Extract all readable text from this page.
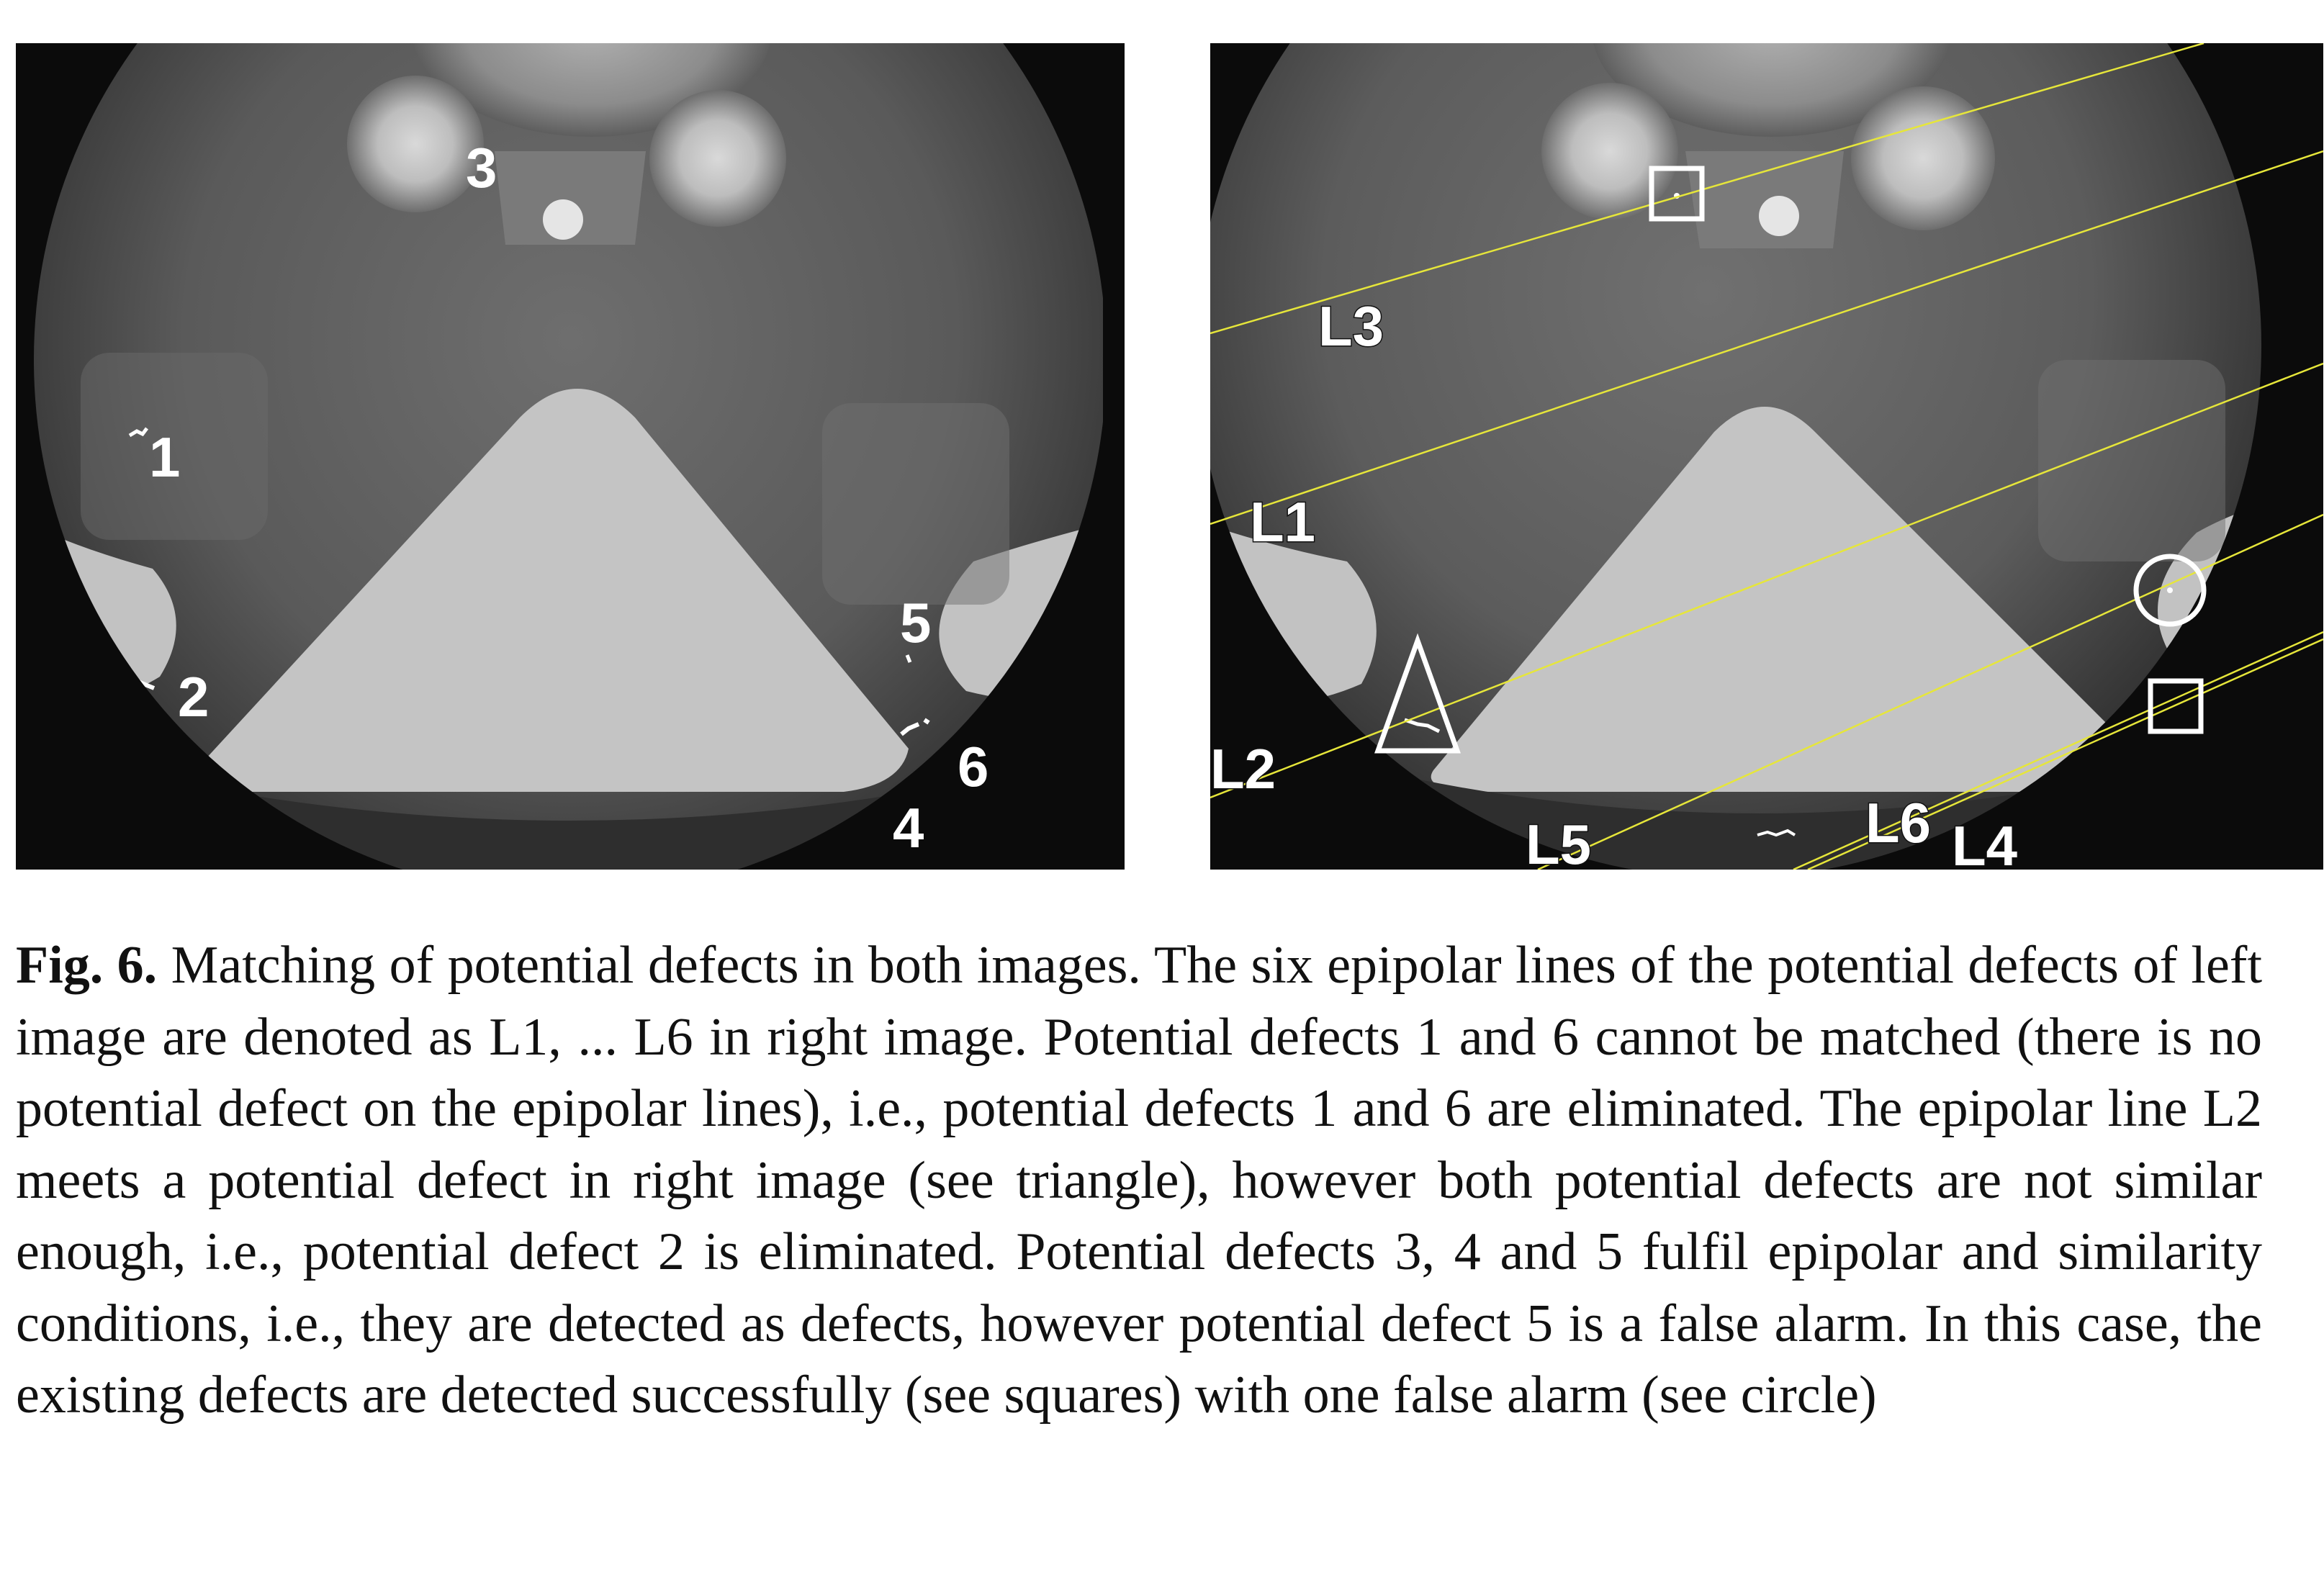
1
2
3
4
5
6
L1
L2
L3
L6
L5	L4

Fig. 6. Matching of potential defects in both images. The six epipolar lines of the potential defects of left image are denoted as L1, ... L6 in right image. Potential defects 1 and 6 cannot be matched (there is no potential defect on the epipolar lines), i.e., potential defects 1 and 6 are eliminated. The epipolar line L2 meets a potential defect in right image (see triangle), however both potential defects are not similar enough, i.e., potential defect 2 is eliminated. Potential defects 3, 4 and 5 fulfil epipolar and similarity conditions, i.e., they are detected as defects, however potential defect 5 is a false alarm. In this case, the existing defects are detected successfully (see squares) with one false alarm (see circle)
